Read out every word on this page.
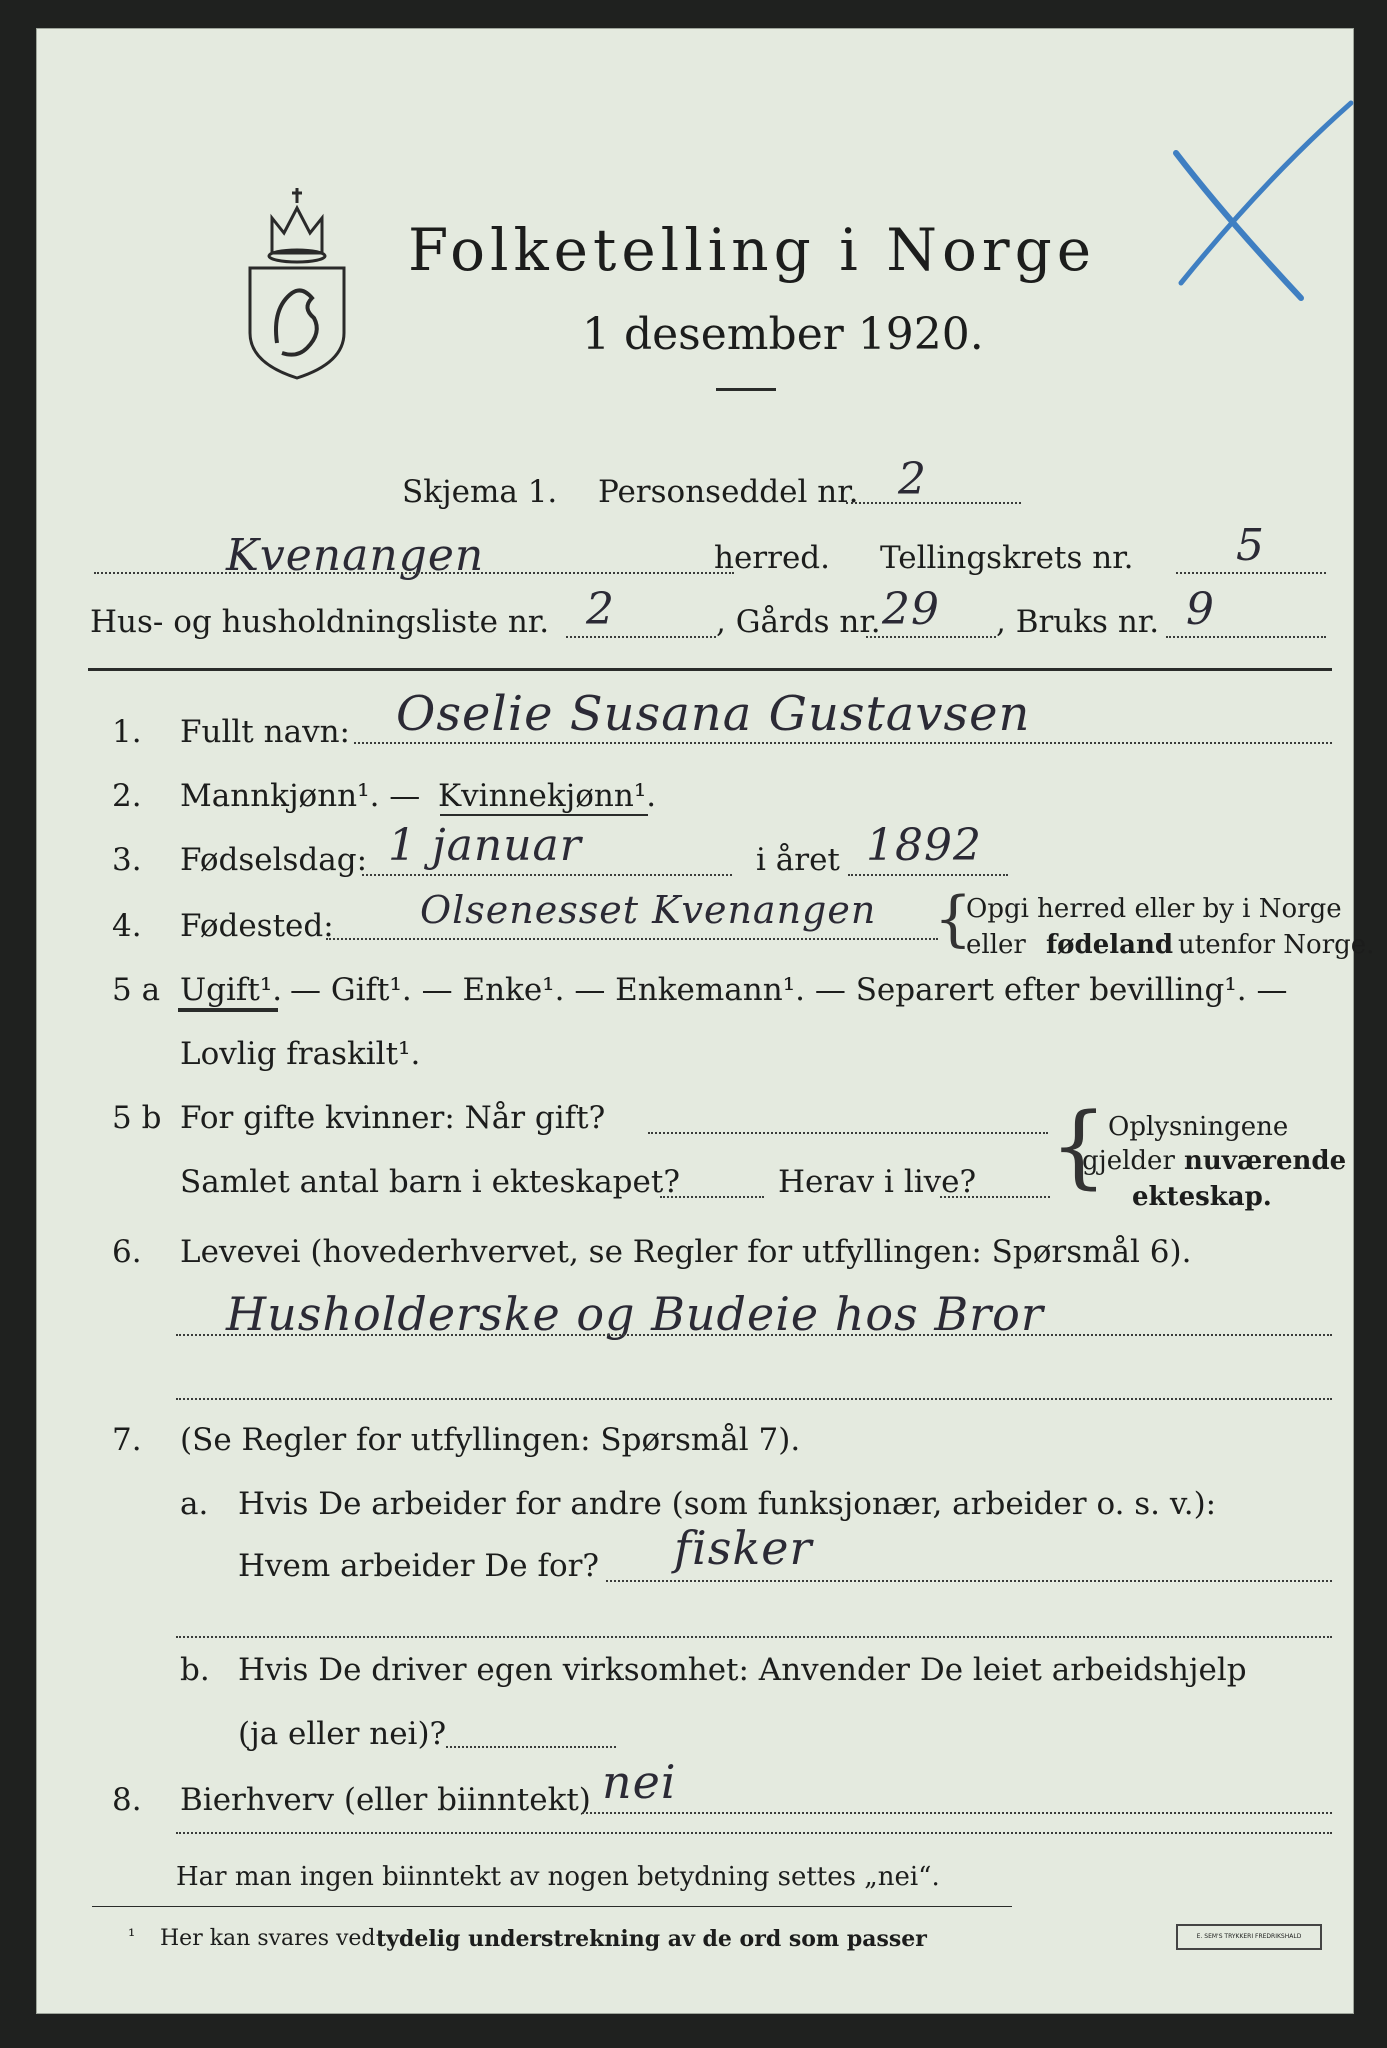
Folketelling i Norge
1 desember 1920.
Skjema 1. Personseddel nr. 2
Kvenangen	herred. Tellingskrets nr. 5
Hus- og husholdningsliste nr. 2	, Gårds nr. 29 , Bruks nr. 9
1. Fullt navn: Oselie Susana Gustavsen
2. Mannkjønn¹. — Kvinnekjønn¹.
3. Fødselsdag: 1 januar	i året 1892
4. Fødested: Olsenesset Kvenangen {
Opgi herred eller by i Norge
eller fødeland utenfor Norge.
5 a Ugift¹. — Gift¹. — Enke¹. — Enkemann¹. — Separert efter bevilling¹. —
Lovlig fraskilt¹.
5 b For gifte kvinner: Når gift?
Samlet antal barn i ekteskapet?	Herav i live? { Oplysningene
gjelder nuværende
ekteskap.
6. Levevei (hovederhvervet, se Regler for utfyllingen: Spørsmål 6).
Husholderske og Budeie hos Bror
7. (Se Regler for utfyllingen: Spørsmål 7).
a. Hvis De arbeider for andre (som funksjonær, arbeider o. s. v.):
Hvem arbeider De for? fisker
b. Hvis De driver egen virksomhet: Anvender De leiet arbeidshjelp
(ja eller nei)?
8. Bierhverv (eller biinntekt) nei
Har man ingen biinntekt av nogen betydning settes „nei“.
¹ Her kan svares ved tydelig understrekning av de ord som passer	E. SEM'S TRYKKERI FREDRIKSHALD
